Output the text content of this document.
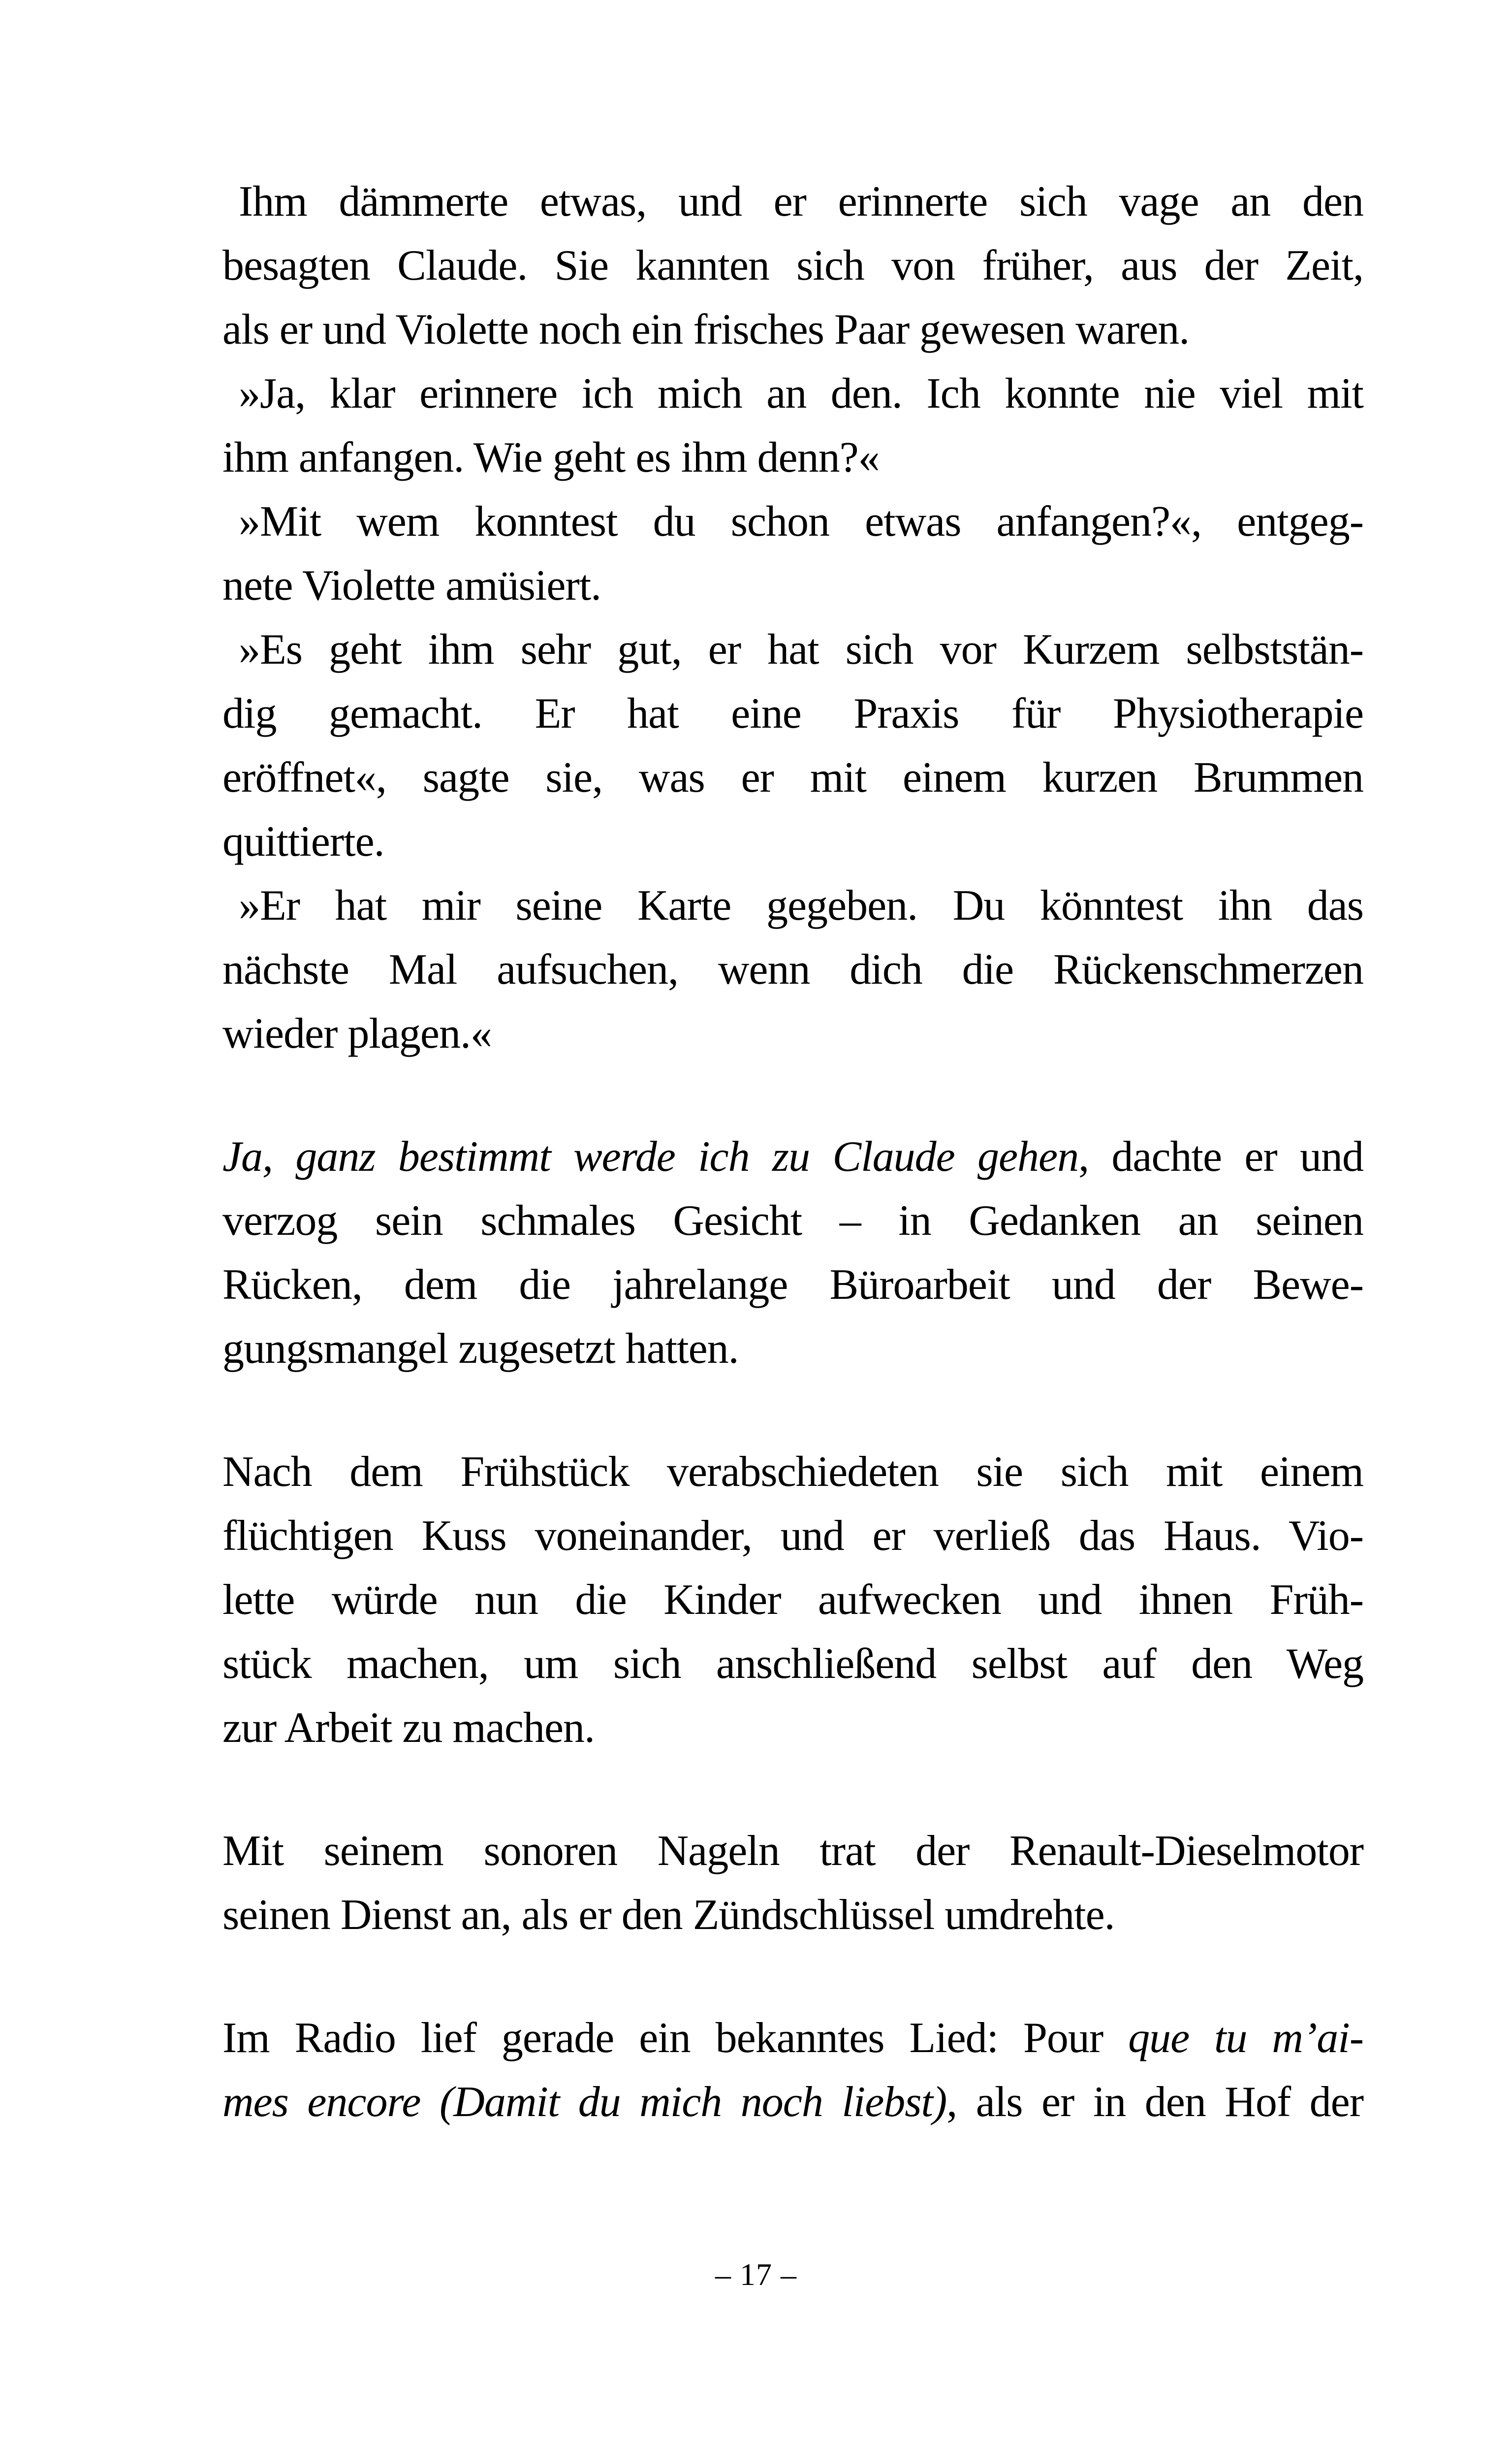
Ihm dämmerte etwas, und er erinnerte sich vage an den
besagten Claude. Sie kannten sich von früher, aus der Zeit,
als er und Violette noch ein frisches Paar gewesen waren.
»Ja, klar erinnere ich mich an den. Ich konnte nie viel mit
ihm anfangen. Wie geht es ihm denn?«
»Mit wem konntest du schon etwas anfangen?«, entgeg-
nete Violette amüsiert.
»Es geht ihm sehr gut, er hat sich vor Kurzem selbststän-
dig gemacht. Er hat eine Praxis für Physiotherapie
eröffnet«, sagte sie, was er mit einem kurzen Brummen
quittierte.
»Er hat mir seine Karte gegeben. Du könntest ihn das
nächste Mal aufsuchen, wenn dich die Rückenschmerzen
wieder plagen.«
Ja, ganz bestimmt werde ich zu Claude gehen, dachte er und
verzog sein schmales Gesicht – in Gedanken an seinen
Rücken, dem die jahrelange Büroarbeit und der Bewe-
gungsmangel zugesetzt hatten.
Nach dem Frühstück verabschiedeten sie sich mit einem
flüchtigen Kuss voneinander, und er verließ das Haus. Vio-
lette würde nun die Kinder aufwecken und ihnen Früh-
stück machen, um sich anschließend selbst auf den Weg
zur Arbeit zu machen.
Mit seinem sonoren Nageln trat der Renault-Dieselmotor
seinen Dienst an, als er den Zündschlüssel umdrehte.
Im Radio lief gerade ein bekanntes Lied: Pour que tu m’ai-
mes encore (Damit du mich noch liebst), als er in den Hof der
– 17 –
